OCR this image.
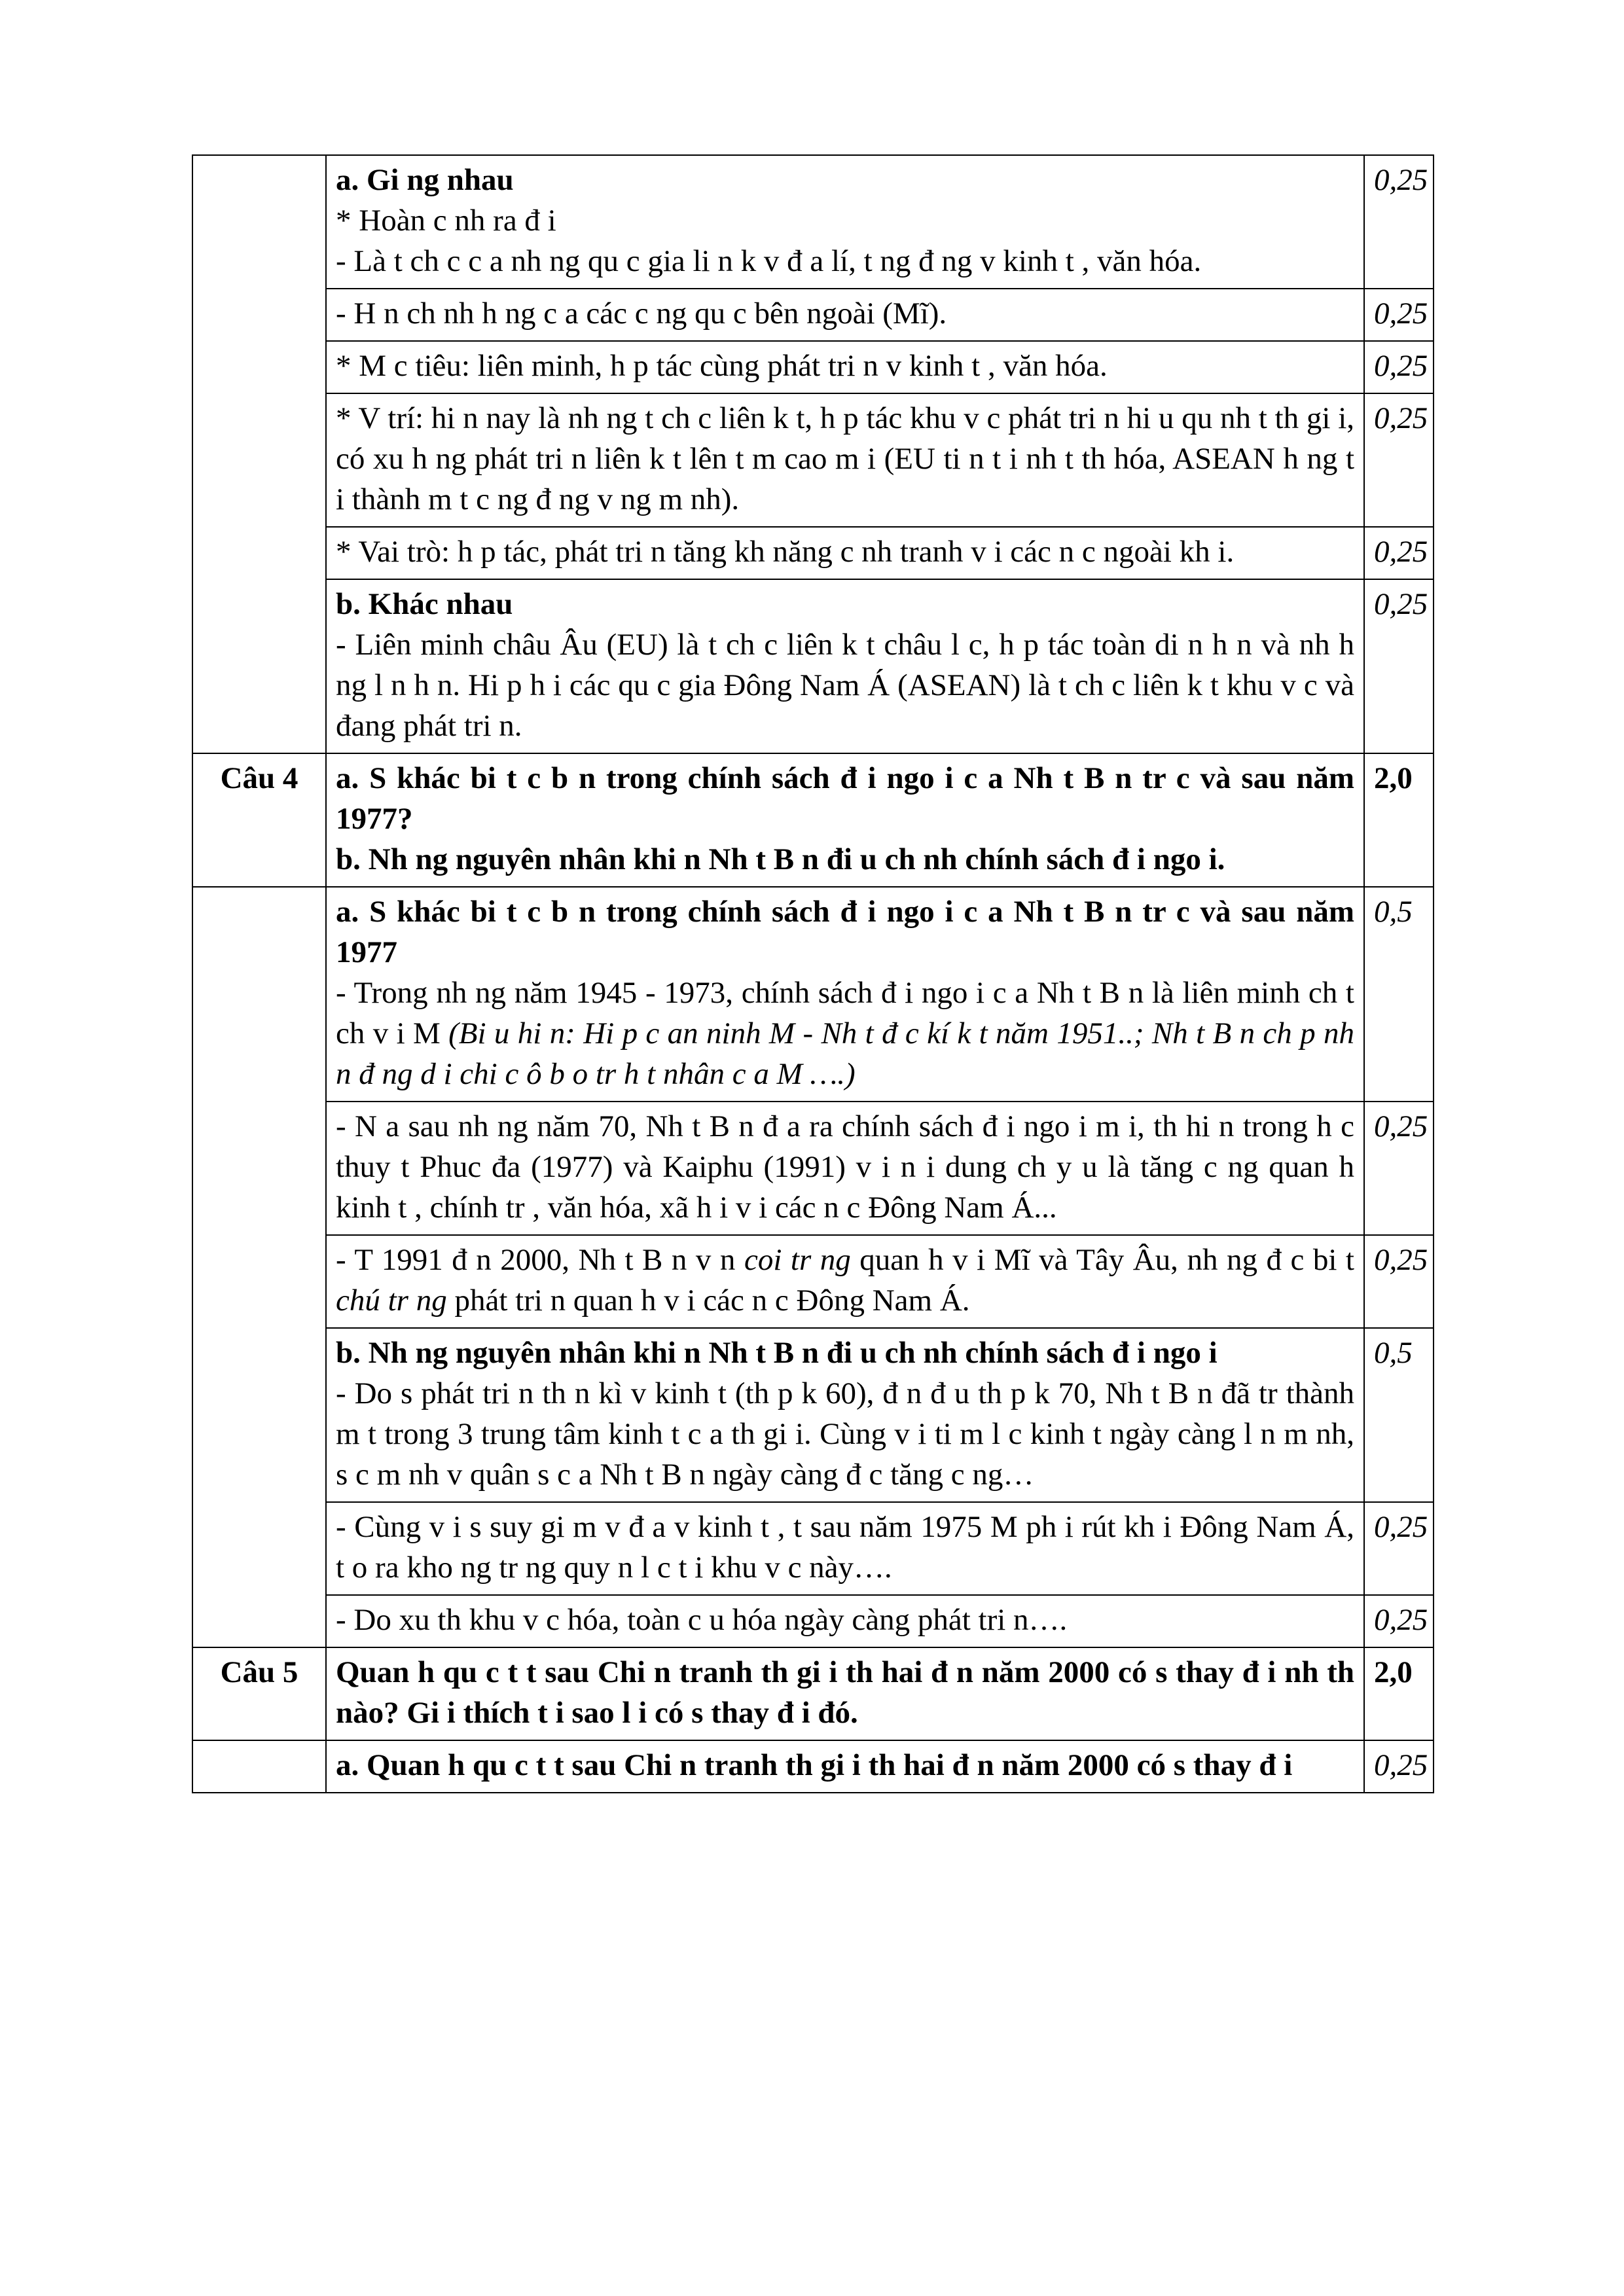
	a. Gi ng nhau
* Hoàn c nh ra đ i
- Là t ch c c a nh ng qu c gia li n k v đ a lí, t ng đ ng v kinh t , văn hóa.	0,25

	- H n ch nh h ng c a các c ng qu c bên ngoài (Mĩ).	0,25

	* M c tiêu: liên minh, h p tác cùng phát tri n v kinh t , văn hóa.	0,25

	* V trí: hi n nay là nh ng t ch c liên k t, h p tác khu v c phát tri n hi u qu nh t th gi i, có xu h ng phát tri n liên k t lên t m cao m i (EU ti n t i nh t th hóa, ASEAN h ng t i thành m t c ng đ ng v ng m nh).	0,25

	* Vai trò: h p tác, phát tri n tăng kh năng c nh tranh v i các n c ngoài kh i.	0,25

	b. Khác nhau
- Liên minh châu Âu (EU) là t ch c liên k t châu l c, h p tác toàn di n h n và nh h ng l n h n. Hi p h i các qu c gia Đông Nam Á (ASEAN) là t ch c liên k t khu v c và đang phát tri n.	0,25
Câu 4	a. S khác bi t c b n trong chính sách đ i ngo i c a Nh t B n tr c và sau năm 1977?
b. Nh ng nguyên nhân khi n Nh t B n đi u ch nh chính sách đ i ngo i.	2,0

	a. S khác bi t c b n trong chính sách đ i ngo i c a Nh t B n tr c và sau năm 1977
- Trong nh ng năm 1945 - 1973, chính sách đ i ngo i c a Nh t B n là liên minh ch t ch v i M (Bi u hi n: Hi p c an ninh M - Nh t đ c kí k t năm 1951..; Nh t B n ch p nh n đ ng d i chi c ô b o tr h t nhân c a M ….)	0,5

	- N a sau nh ng năm 70, Nh t B n đ a ra chính sách đ i ngo i m i, th hi n trong h c thuy t Phuc đa (1977) và Kaiphu (1991) v i n i dung ch y u là tăng c ng quan h kinh t , chính tr , văn hóa, xã h i v i các n c Đông Nam Á...	0,25
	- T 1991 đ n 2000, Nh t B n v n coi tr ng quan h v i Mĩ và Tây Âu, nh ng đ c bi t chú tr ng phát tri n quan h v i các n c Đông Nam Á.	0,25

	b. Nh ng nguyên nhân khi n Nh t B n đi u ch nh chính sách đ i ngo i
- Do s phát tri n th n kì v kinh t (th p k 60), đ n đ u th p k 70, Nh t B n đã tr thành m t trong 3 trung tâm kinh t c a th gi i. Cùng v i ti m l c kinh t ngày càng l n m nh, s c m nh v quân s c a Nh t B n ngày càng đ c tăng c ng…	0,5

	- Cùng v i s suy gi m v đ a v kinh t , t sau năm 1975 M ph i rút kh i Đông Nam Á, t o ra kho ng tr ng quy n l c t i khu v c này….	0,25

	- Do xu th khu v c hóa, toàn c u hóa ngày càng phát tri n….	0,25
Câu 5	Quan h qu c t t sau Chi n tranh th gi i th hai đ n năm 2000 có s thay đ i nh th nào? Gi i thích t i sao l i có s thay đ i đó.	2,0

	a. Quan h qu c t t sau Chi n tranh th gi i th hai đ n năm 2000 có s thay đ i	0,25
